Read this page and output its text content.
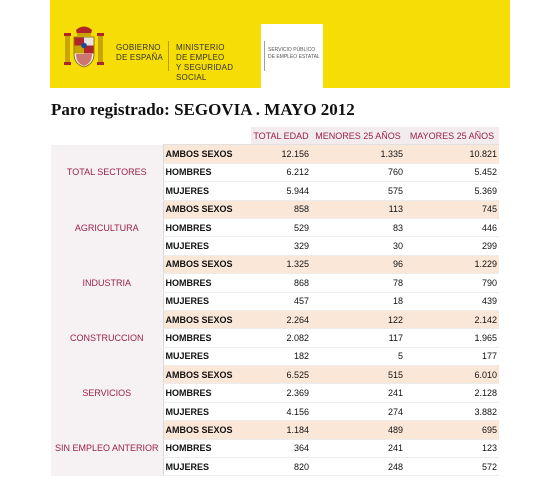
GOBIERNO
DE ESPAÑA
MINISTERIO
DE EMPLEO
Y SEGURIDAD SOCIAL
SERVICIO PÚBLICO
DE EMPLEO ESTATAL
Paro registrado: SEGOVIA . MAYO 2012
		TOTAL EDAD	MENORES 25 AÑOS	MAYORES 25 AÑOS
TOTAL SECTORES	AMBOS SEXOS	12.156	1.335	10.821
	HOMBRES	6.212	760	5.452
	MUJERES	5.944	575	5.369
AGRICULTURA	AMBOS SEXOS	858	113	745
	HOMBRES	529	83	446
	MUJERES	329	30	299
INDUSTRIA	AMBOS SEXOS	1.325	96	1.229
	HOMBRES	868	78	790
	MUJERES	457	18	439
CONSTRUCCION	AMBOS SEXOS	2.264	122	2.142
	HOMBRES	2.082	117	1.965
	MUJERES	182	5	177
SERVICIOS	AMBOS SEXOS	6.525	515	6.010
	HOMBRES	2.369	241	2.128
	MUJERES	4.156	274	3.882
SIN EMPLEO ANTERIOR	AMBOS SEXOS	1.184	489	695
	HOMBRES	364	241	123
	MUJERES	820	248	572
